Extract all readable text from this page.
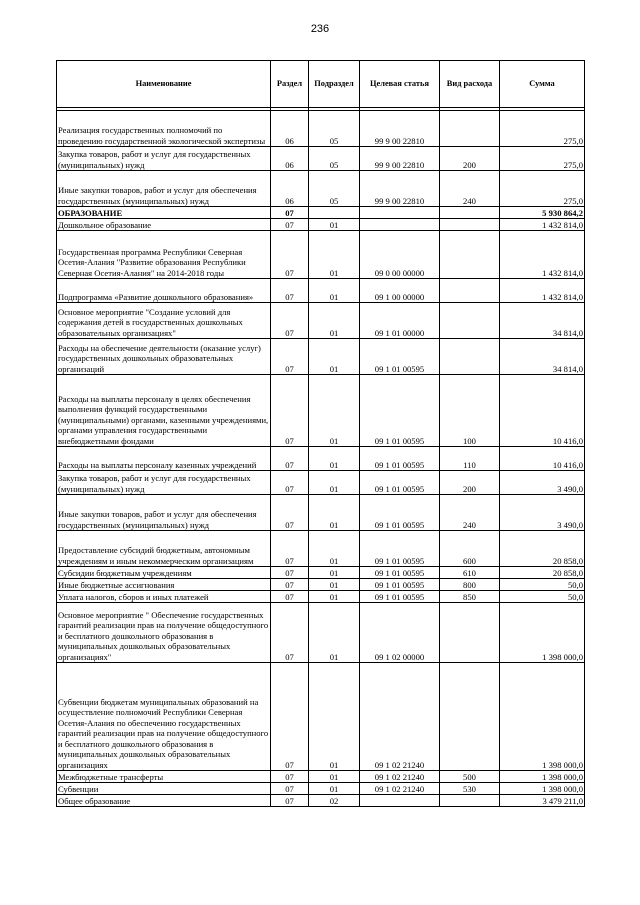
236
Наименование	Раздел	Подраздел	Целевая статья	Вид расхода	Сумма

Реализация государственных полномочий по проведению государственной экологической экспертизы	06	05	99 9 00 22810		275,0
Закупка товаров, работ и услуг для государственных (муниципальных) нужд	06	05	99 9 00 22810	200	275,0
Иные закупки товаров, работ и услуг для обеспечения государственных (муниципальных) нужд	06	05	99 9 00 22810	240	275,0
ОБРАЗОВАНИЕ	07				5 930 864,2
Дошкольное образование	07	01			1 432 814,0
Государственная программа Республики Северная Осетия-Алания "Развитие образования Республики Северная Осетия-Алания" на 2014-2018 годы	07	01	09 0 00 00000		1 432 814,0
Подпрограмма «Развитие дошкольного образования»	07	01	09 1 00 00000		1 432 814,0
Основное мероприятие "Создание условий для содержания детей в государственных дошкольных образовательных организациях"	07	01	09 1 01 00000		34 814,0
Расходы на обеспечение деятельности (оказание услуг) государственных дошкольных образовательных организаций	07	01	09 1 01 00595		34 814,0
Расходы на выплаты персоналу в целях обеспечения выполнения функций государственными (муниципальными) органами, казенными учреждениями, органами управления государственными внебюджетными фондами	07	01	09 1 01 00595	100	10 416,0
Расходы на выплаты персоналу казенных учреждений	07	01	09 1 01 00595	110	10 416,0
Закупка товаров, работ и услуг для государственных (муниципальных) нужд	07	01	09 1 01 00595	200	3 490,0
Иные закупки товаров, работ и услуг для обеспечения государственных (муниципальных) нужд	07	01	09 1 01 00595	240	3 490,0
Предоставление субсидий бюджетным, автономным учреждениям и иным некоммерческим организациям	07	01	09 1 01 00595	600	20 858,0
Субсидии бюджетным учреждениям	07	01	09 1 01 00595	610	20 858,0
Иные бюджетные ассигнования	07	01	09 1 01 00595	800	50,0
Уплата налогов, сборов и иных платежей	07	01	09 1 01 00595	850	50,0
Основное мероприятие " Обеспечение государственных гарантий реализации прав на получение общедоступного и бесплатного дошкольного образования в муниципальных дошкольных образовательных организациях"	07	01	09 1 02 00000		1 398 000,0
Субвенции бюджетам муниципальных образований на осуществление полномочий Республики Северная Осетия-Алания по обеспечению государственных гарантий реализации прав на получение общедоступного и бесплатного дошкольного образования в муниципальных дошкольных образовательных организациях	07	01	09 1 02 21240		1 398 000,0
Межбюджетные трансферты	07	01	09 1 02 21240	500	1 398 000,0
Субвенции	07	01	09 1 02 21240	530	1 398 000,0
Общее образование	07	02			3 479 211,0
